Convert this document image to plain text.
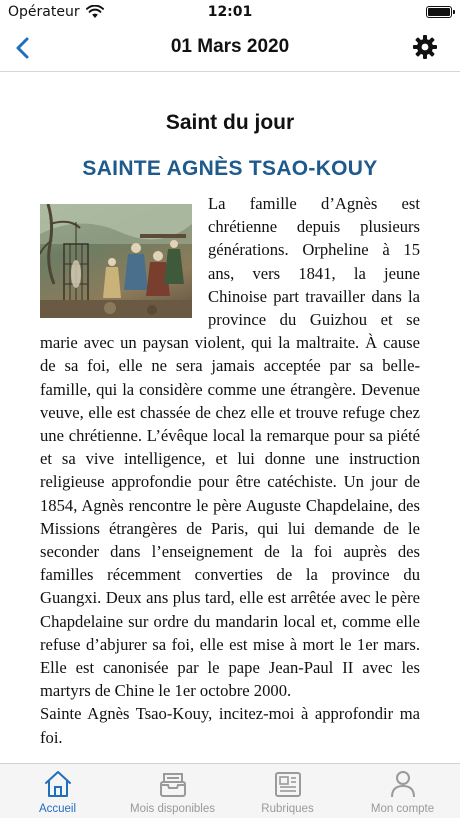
Opérateur	12:01
01 Mars 2020
Saint du jour
SAINTE AGNÈS TSAO-KOUY

La famille d’Agnès est chrétienne depuis plusieurs générations. Orpheline à 15 ans, vers 1841, la jeune Chinoise part travailler dans la province du Guizhou et se marie avec un paysan violent, qui la maltraite. À cause de sa foi, elle ne sera jamais acceptée par sa belle-famille, qui la considère comme une étrangère. Devenue veuve, elle est chassée de chez elle et trouve refuge chez une chrétienne. L’évêque local la remarque pour sa piété et sa vive intelligence, et lui donne une instruction religieuse approfondie pour être catéchiste. Un jour de 1854, Agnès rencontre le père Auguste Chapdelaine, des Missions étrangères de Paris, qui lui demande de le seconder dans l’enseignement de la foi auprès des familles récemment converties de la province du Guangxi. Deux ans plus tard, elle est arrêtée avec le père Chapdelaine sur ordre du mandarin local et, comme elle refuse d’abjurer sa foi, elle est mise à mort le 1er mars. Elle est canonisée par le pape Jean-Paul II avec les martyrs de Chine le 1er octobre 2000.

Sainte Agnès Tsao-Kouy, incitez-moi à approfondir ma foi.

Accueil	Mois disponibles	Rubriques	Mon compte
